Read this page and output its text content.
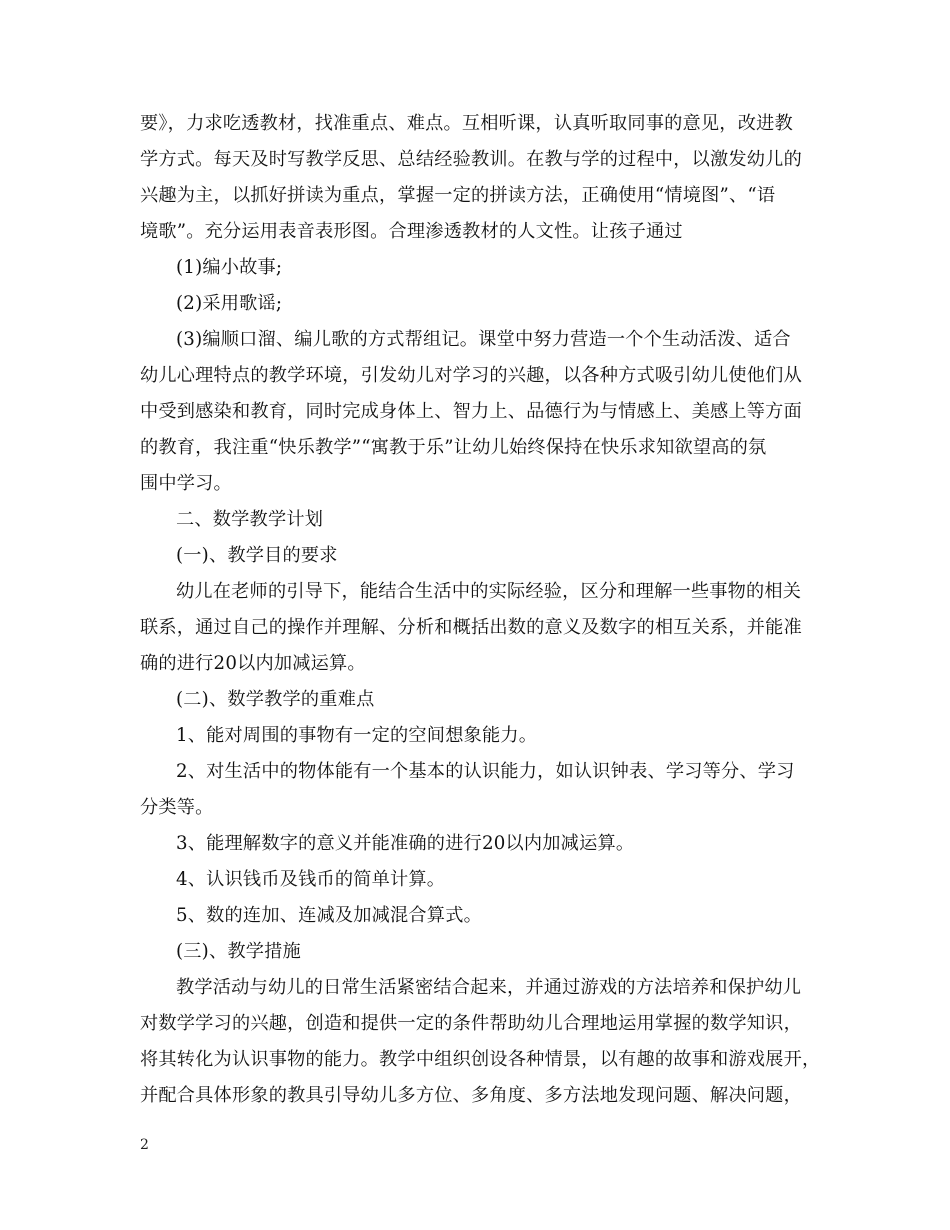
要》，力求吃透教材，找准重点、难点。互相听课，认真听取同事的意见，改进教
学方式。每天及时写教学反思、总结经验教训。在教与学的过程中，以激发幼儿的
兴趣为主，以抓好拼读为重点，掌握一定的拼读方法，正确使用“情境图”、“语
境歌”。充分运用表音表形图。合理渗透教材的人文性。让孩子通过
(1)编小故事;
(2)采用歌谣;
(3)编顺口溜、编儿歌的方式帮组记。课堂中努力营造一个个生动活泼、适合
幼儿心理特点的教学环境，引发幼儿对学习的兴趣，以各种方式吸引幼儿使他们从
中受到感染和教育，同时完成身体上、智力上、品德行为与情感上、美感上等方面
的教育，我注重“快乐教学”“寓教于乐”让幼儿始终保持在快乐求知欲望高的氛
围中学习。
二、数学教学计划
(一)、教学目的要求
幼儿在老师的引导下，能结合生活中的实际经验，区分和理解一些事物的相关
联系，通过自己的操作并理解、分析和概括出数的意义及数字的相互关系，并能准
确的进行20以内加减运算。
(二)、数学教学的重难点
1、能对周围的事物有一定的空间想象能力。
2、对生活中的物体能有一个基本的认识能力，如认识钟表、学习等分、学习
分类等。
3、能理解数字的意义并能准确的进行20以内加减运算。
4、认识钱币及钱币的简单计算。
5、数的连加、连减及加减混合算式。
(三)、教学措施
教学活动与幼儿的日常生活紧密结合起来，并通过游戏的方法培养和保护幼儿
对数学学习的兴趣，创造和提供一定的条件帮助幼儿合理地运用掌握的数学知识，
将其转化为认识事物的能力。教学中组织创设各种情景，以有趣的故事和游戏展开，
并配合具体形象的教具引导幼儿多方位、多角度、多方法地发现问题、解决问题，
2
